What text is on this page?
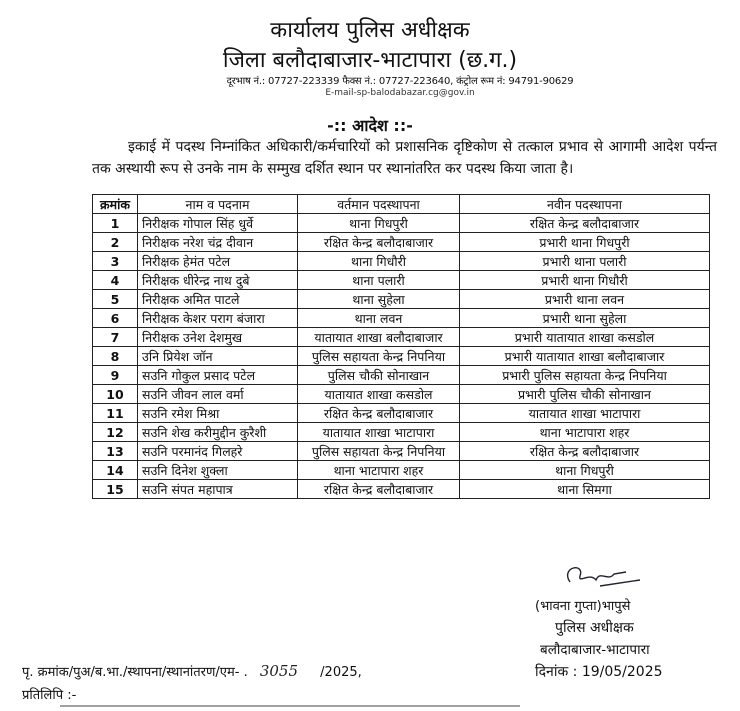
कार्यालय पुलिस अधीक्षक
जिला बलौदाबाजार-भाटापारा (छ.ग.)
दूरभाष नं.: 07727-223339 फैक्स नं.: 07727-223640, कंट्रोल रूम नं: 94791-90629
E-mail-sp-balodabazar.cg@gov.in
-:: आदेश ::-
इकाई में पदस्थ निम्नांकित अधिकारी/कर्मचारियों को प्रशासनिक दृष्टिकोण से तत्काल प्रभाव से आगामी आदेश पर्यन्त तक अस्थायी रूप से उनके नाम के सम्मुख दर्शित स्थान पर स्थानांतरित कर पदस्थ किया जाता है।
क्रमांक	नाम व पदनाम	वर्तमान पदस्थापना	नवीन पदस्थापना
1	निरीक्षक गोपाल सिंह धुर्वे	थाना गिधपुरी	रक्षित केन्द्र बलौदाबाजार
2	निरीक्षक नरेश चंद्र दीवान	रक्षित केन्द्र बलौदाबाजार	प्रभारी थाना गिधपुरी
3	निरीक्षक हेमंत पटेल	थाना गिधौरी	प्रभारी थाना पलारी
4	निरीक्षक धीरेन्द्र नाथ दुबे	थाना पलारी	प्रभारी थाना गिधौरी
5	निरीक्षक अमित पाटले	थाना सुहेला	प्रभारी थाना लवन
6	निरीक्षक केशर पराग बंजारा	थाना लवन	प्रभारी थाना सुहेला
7	निरीक्षक उनेश देशमुख	यातायात शाखा बलौदाबाजार	प्रभारी यातायात शाखा कसडोल
8	उनि प्रियेश जॉन	पुलिस सहायता केन्द्र निपनिया	प्रभारी यातायात शाखा बलौदाबाजार
9	सउनि गोकुल प्रसाद पटेल	पुलिस चौकी सोनाखान	प्रभारी पुलिस सहायता केन्द्र निपनिया
10	सउनि जीवन लाल वर्मा	यातायात शाखा कसडोल	प्रभारी पुलिस चौकी सोनाखान
11	सउनि रमेश मिश्रा	रक्षित केन्द्र बलौदाबाजार	यातायात शाखा भाटापारा
12	सउनि शेख करीमुद्दीन कुरैशी	यातायात शाखा भाटापारा	थाना भाटापारा शहर
13	सउनि परमानंद गिलहरे	पुलिस सहायता केन्द्र निपनिया	रक्षित केन्द्र बलौदाबाजार
14	सउनि दिनेश शुक्ला	थाना भाटापारा शहर	थाना गिधपुरी
15	सउनि संपत महापात्र	रक्षित केन्द्र बलौदाबाजार	थाना सिमगा
(भावना गुप्ता)भापुसे
पुलिस अधीक्षक
बलौदाबाजार-भाटापारा
पृ. क्रमांक/पुअ/ब.भा./स्थापना/स्थानांतरण/एम- . 3055 /2025,	दिनांक : 19/05/2025
प्रतिलिपि :-
